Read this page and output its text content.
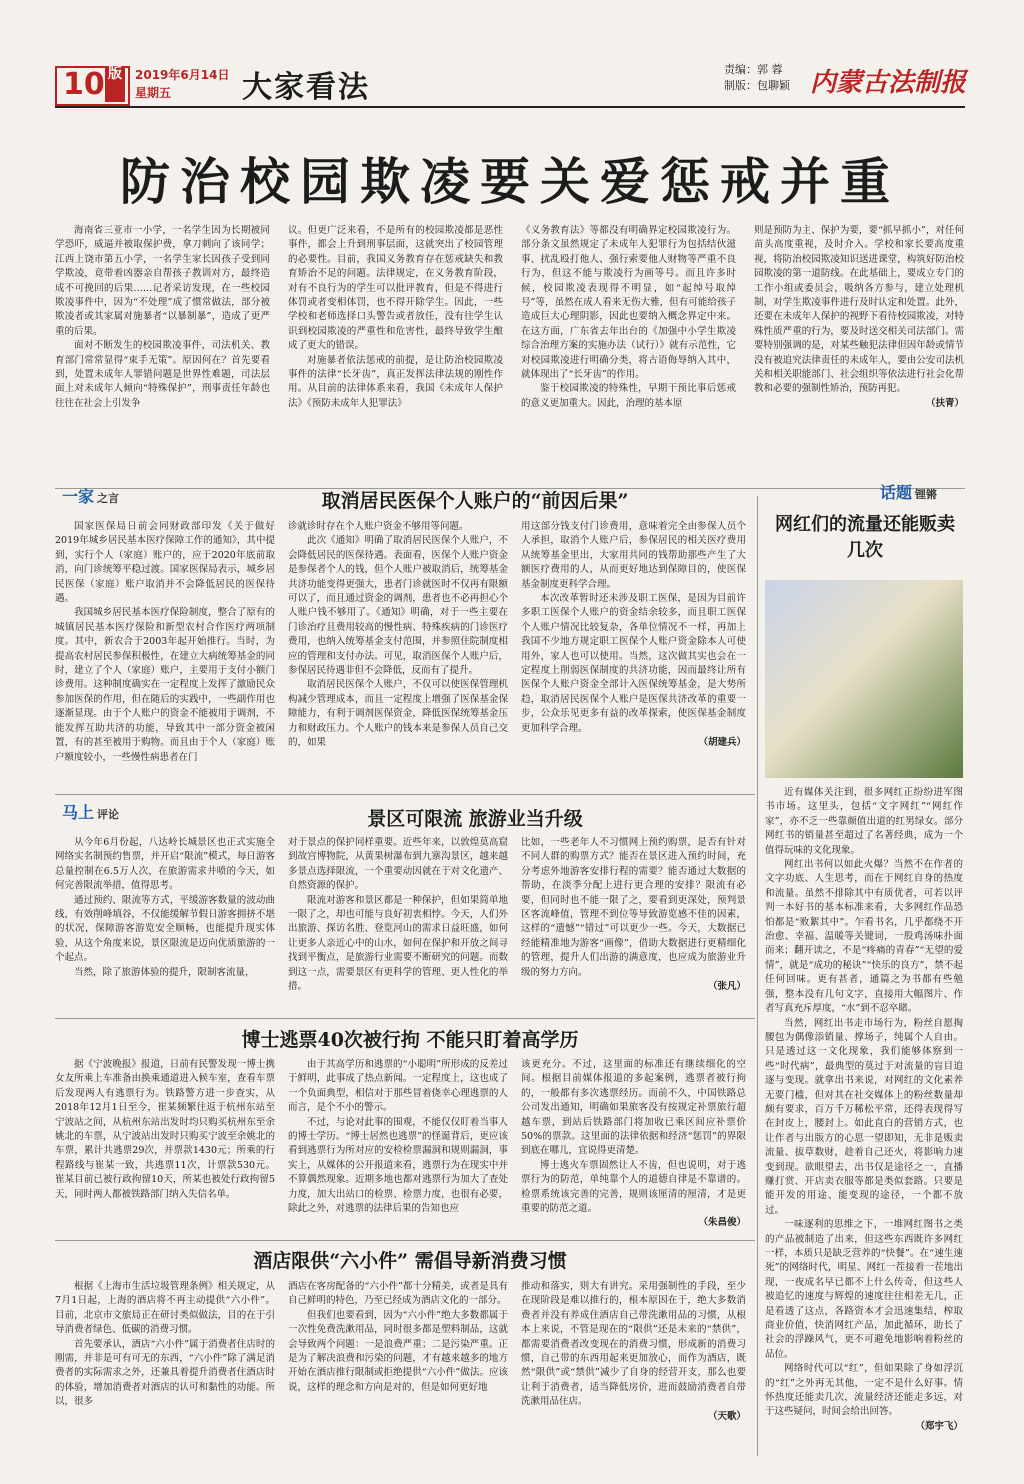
10 版 2019年6月14日
星期五	大家看法
责编：郭 蓉
制版：包聊颖 内蒙古法制报
防治校园欺凌要关爱惩戒并重

海南省三亚市一小学，一名学生因为长期被同学恐吓，威逼并被取保护费，拿刀刺向了该同学；江西上饶市第五小学，一名学生家长因孩子受到同学欺凌，竟带着凶器亲自帮孩子教训对方，最终造成不可挽回的后果……记者采访发现，在一些校园欺凌事件中，因为“不处理”成了惯常做法，部分被欺凌者或其家属对施暴者“以暴制暴”，造成了更严重的后果。

面对不断发生的校园欺凌事件，司法机关、教育部门常常显得“束手无策”。原因何在？首先要看到，处置未成年人罪错问题是世界性难题，司法层面上对未成年人倾向“特殊保护”，刑事责任年龄也往往在社会上引发争

议。但更广泛来看，不是所有的校园欺凌都是恶性事件，都会上升到刑事层面，这就突出了校园管理的必要性。目前，我国义务教育存在惩戒缺失和教育矫治不足的问题。法律规定，在义务教育阶段，对有不良行为的学生可以批评教育，但是不得进行体罚或者变相体罚，也不得开除学生。因此，一些学校和老师选择口头警告或者放任，没有往学生认识到校园欺凌的严重性和危害性，最终导致学生酿成了更大的错误。

对施暴者依法惩戒的前提，是让防治校园欺凌事件的法律“长牙齿”，真正发挥法律法规的刚性作用。从目前的法律体系来看，我国《未成年人保护法》《预防未成年人犯罪法》

《义务教育法》等都没有明确界定校园欺凌行为。部分条文虽然规定了未成年人犯罪行为包括结伙滋事、扰乱殴打他人、强行索要他人财物等严重不良行为，但这不能与欺凌行为画等号。而且许多时候，校园欺凌表现得不明显，如“起绰号取绰号”等，虽然在成人看来无伤大雅，但有可能给孩子造成巨大心理阴影，因此也要纳入概念界定中来。在这方面，广东省去年出台的《加强中小学生欺凌综合治理方案的实施办法（试行）》就有示范性，它对校园欺凌进行明确分类，将古语侮辱纳入其中，就体现出了“长牙齿”的作用。

鉴于校园欺凌的特殊性，早期干预比事后惩戒的意义更加重大。因此，治理的基本原

则是预防为主、保护为要，要“抓早抓小”，对任何苗头高度重视，及时介入。学校和家长要高度重视，将防治校园欺凌知识送进课堂，构筑好防治校园欺凌的第一道防线。在此基础上，要成立专门的工作小组或委员会，吸纳各方参与，建立处理机制，对学生欺凌事件进行及时认定和处置。此外，还要在未成年人保护的视野下看待校园欺凌，对特殊性质严重的行为，要及时送交相关司法部门。需要特别强调的是，对某些触犯法律但因年龄或情节没有被追究法律责任的未成年人，要由公安司法机关和相关职能部门、社会组织等依法进行社会化帮教和必要的强制性矫治，预防再犯。

（扶青）
一家 之言	取消居民医保个人账户的“前因后果”

国家医保局日前会同财政部印发《关于做好2019年城乡居民基本医疗保障工作的通知》，其中提到，实行个人（家庭）账户的，应于2020年底前取消，向门诊统筹平稳过渡。国家医保局表示，城乡居民医保（家庭）账户取消并不会降低居民的医保待遇。

我国城乡居民基本医疗保险制度，整合了原有的城镇居民基本医疗保险和新型农村合作医疗两项制度。其中，新农合于2003年起开始推行。当时，为提高农村居民参保积极性，在建立大病统筹基金的同时，建立了个人（家庭）账户，主要用于支付小额门诊费用。这种制度确实在一定程度上发挥了激励民众参加医保的作用，但在随后的实践中，一些副作用也逐渐显现。由于个人账户的资金不能被用于调剂，不能发挥互助共济的功能，导致其中一部分资金被闲置，有的甚至被用于购物。而且由于个人（家庭）账户额度较小，一些慢性病患者在门

诊就诊时存在个人账户资金不够用等问题。

此次《通知》明确了取消居民医保个人账户，不会降低居民的医保待遇。表面看，医保个人账户资金是参保者个人的钱，但个人账户被取消后，统筹基金共济功能变得更强大，患者门诊就医时不仅再有限额可以了，而且通过资金的调剂，患者也不必再担心个人账户钱不够用了。《通知》明确，对于一些主要在门诊治疗且费用较高的慢性病、特殊疾病的门诊医疗费用，也纳入统筹基金支付范围，并参照住院制度相应的管理和支付办法。可见，取消医保个人账户后，参保居民待遇非但不会降低，反而有了提升。

取消居民医保个人账户，不仅可以使医保管理机构减少管理成本，而且一定程度上增强了医保基金保障能力，有利于调剂医保资金，降低医保统筹基金压力和财政压力。个人账户的钱本来是参保人员自己交的，如果

用这部分钱支付门诊费用，意味着完全由参保人员个人承担，取消个人账户后，参保居民的相关医疗费用从统筹基金里出，大家用共同的钱帮助那些产生了大额医疗费用的人，从而更好地达到保障目的，使医保基金制度更科学合理。

本次改革暂时还未涉及职工医保，是因为目前许多职工医保个人账户的资金结余较多，而且职工医保个人账户情况比较复杂，各单位情况不一样，再加上我国不少地方规定职工医保个人账户资金除本人可使用外，家人也可以使用。当然，这次做其实也会在一定程度上削弱医保制度的共济功能，因而最终让所有医保个人账户资金全部计入医保统筹基金，是大势所趋，取消居民医保个人账户是医保共济改革的重要一步，公众乐见更多有益的改革探索，使医保基金制度更加科学合理。

（胡建兵）
马上 评论	景区可限流 旅游业当升级

从今年6月份起，八达岭长城景区也正式实施全网络实名制预约售票，并开启“限流”模式，每日游客总量控制在6.5万人次，在旅游需求井喷的今天，如何完善限流举措，值得思考。

通过预约、限流等方式，平缓游客数量的波动曲线，有效削峰填谷，不仅能缓解节假日游客拥挤不堪的状况，保障游客游览安全顺畅，也能提升现实体验，从这个角度来说，景区限流是迈向优质旅游的一个起点。

当然，除了旅游体验的提升，限制客流量，

对于景点的保护同样重要。近些年来，以敦煌莫高窟到故宫博物院，从黄果树瀑布到九寨沟景区，越来越多景点选择限流，一个重要动因就在于对文化遗产、自然资源的保护。

限流对游客和景区都是一种保护，但如果简单地一限了之，却也可能与良好初衷相悖。今天，人们外出旅游、探访名胜、登览河山的需求日益旺盛，如何让更多人亲近心中的山水，如何在保护和开放之间寻找到平衡点，是旅游行业需要不断研究的问题。而数到这一点，需要景区有更科学的管理、更人性化的举措。

比如，一些老年人不习惯网上预约购票，是否有针对不同人群的购票方式？能否在景区进入预约时间，充分考虑外地游客安排行程的需要？能否通过大数据的帮助，在淡季分配上进行更合理的安排？限流有必要，但同时也不能一限了之，要看到更深处，预判景区客流峰值，管理不到位等导致游览感不佳的因素，这样的“遗憾”“错过”可以更少一些。今天，大数据已经能精准地为游客“画像”，借助大数据进行更精细化的管理，提升人们出游的满意度，也应成为旅游业升级的努力方向。

（张凡）
博士逃票40次被行拘 不能只盯着高学历

据《宁波晚报》报道，日前有民警发现一博士携女友所乘上车准备由换乘通道进入候车室，查看车票后发现两人有逃票行为。铁路警方进一步查实，从2018年12月1日至今，崔某频繁往返于杭州东站至宁波站之间，从杭州东站出发时均只购买杭州东至余姚北的车票，从宁波站出发时只购买宁波至余姚北的车票，累计共逃票29次，并票款1430元；所乘的行程路线与崔某一致，共逃票11次，计票款530元。崔某目前已被行政拘留10天，所某也被处行政拘留5天，同时两人都被铁路部门纳入失信名单。

由于其高学历和逃票的“小聪明”所形成的反差过于鲜明，此事成了热点新闻。一定程度上，这也成了一个负面典型，相信对于那些冒着侥幸心理逃票的人而言，是个不小的警示。

不过，与论对此事的围观，不能仅仅盯着当事人的博士学历。“博士居然也逃票”的怪诞背后，更应该看到逃票行为所对应的安检检票漏洞和规则漏洞，事实上，从媒体的公开报道来看，逃票行为在现实中并不算偶然现象。近期多地也都对逃票行为加大了查处力度，加大出站口的检票、检票力度，也很有必要，除此之外，对逃票的法律后果的告知也应

该更充分。不过，这里面的标准还有继续细化的空间。根据目前媒体报道的多起案例，逃票者被行拘的，一般都有多次逃票经历。而前不久，中国铁路总公司发出通知，明确如果旅客没有按规定补票旅行超越车票，到站后铁路部门将加收已乘区间应补票价50%的票款。这里面的法律依据和经济“惩罚”的界限到底在哪儿，宜说得更清楚。

博士逃火车票固然让人不齿，但也说明，对于逃票行为的防范，单纯靠个人的道德自律是不靠谱的。检票系统该完善的完善，规则该厘清的厘清，才是更重要的防范之道。

（朱昌俊）
酒店限供“六小件” 需倡导新消费习惯

根据《上海市生活垃圾管理条例》相关规定，从7月1日起，上海的酒店将不再主动提供“六小件”。目前，北京市文旅局正在研讨类似做法，目的在于引导消费者绿色、低碳的消费习惯。

首先要承认，酒店“六小件”属于消费者住店时的刚需，并非是可有可无的东西，“六小件”除了满足消费者的实际需求之外，还兼具着提升消费者住酒店时的体验，增加消费者对酒店的认可和黏性的功能。所以，很多

酒店在客房配备的“六小件”都十分精美，或者是具有自己鲜明的特色，乃至已经成为酒店文化的一部分。

但我们也要看到，因为“六小件”绝大多数都属于一次性免费洗漱用品，同时很多都是塑料制品，这就会导致两个问题：一是浪费严重；二是污染严重。正是为了解决浪费和污染的问题，才有越来越多的地方开始在酒店推行限制或拒绝提供“六小件”做法。应该说，这样的理念和方向是对的，但是如何更好地

推动和落实，则大有讲究。采用强制性的手段，至少在现阶段是难以推行的，根本原因在于，绝大多数消费者并没有养成住酒店自己带洗漱用品的习惯，从根本上来说，不管是现在的“限供”还是未来的“禁供”，都需要消费者改变现在的消费习惯，形成新的消费习惯，自己带的东西用起来更加放心，而作为酒店，既然“限供”或“禁供”减少了自身的经营开支，那么也要让利于消费者，适当降低房价，进而鼓励消费者自带洗漱用品住店。

（天歌）
话题 锂锵
网红们的流量还能贩卖几次

近有媒体关注到，很多网红正纷纷进军图书市场。这里头，包括“文字网红”“网红作家”，亦不乏一些靠颜值出道的红男绿女。部分网红书的销量甚至超过了名著经典，成为一个值得玩味的文化现象。

网红出书何以如此火爆？当然不在作者的文字功底、人生思考，而在于网红自身的热度和流量。虽然不排除其中有质优者，可若以评判一本好书的基本标准来看，大多网红作品恐怕都是“败絮其中”。乍看书名，几乎都绕不开治愈、幸福、温暖等关键词，一股鸡汤味扑面而来；翻开读之，不是“疼痛的青春”“无望的爱情”，就是“成功的秘诀”“快乐的良方”，禁不起任何回味。更有甚者，通篇之为书都有些勉强，整本没有几句文字，直接用大幅图片、作者写真充斥厚度，“水”到不忍卒睹。

当然，网红出书走市场行为，粉丝自愿掏腰包为偶像添销量、撑场子，纯属个人自由。只是透过这一文化现象，我们能够体察到一些“时代病”，最典型的莫过于对流量的盲目追逐与变现。就拿出书来说，对网红的文化素养无要门槛，但对其在社交媒体上的粉丝数量却颇有要求，百万千万稀松平常，还得表现得写在封皮上，腰封上。如此直白的营销方式，也让作者与出版方的心思一望即知，无非是贩卖流量、拔草数财，趁着自己还火，将影响力速变到现。欲眼望去，出书仅是途径之一，直播赚打赏、开店卖衣服等都是类似套路。只要是能开发的用途、能变现的途径，一个都不放过。

一味逐利的思维之下，一堆网红图书之类的产品被制造了出来，但这些东西既许多网红一样，本质只是缺乏营养的“快餐”。在“速生速死”的网络时代，明星、网红一茬接着一茬地出现，一夜成名早已都不上什么传奇，但这些人被追忆的速度与辉煌的速度往往相差无几，正是看透了这点，各路资本才会迅速集结，榨取商业价值，快消网红产品，加此循环，助长了社会的浮躁风气，更不可避免地影响着粉丝的品位。

网络时代可以“红”，但如果除了身如浮沉的“红”之外再无其他，一定不是什么好事。情怀热度还能卖几次，流量经济还能走多远，对于这些疑问，时间会给出回答。

（郑宇飞）
